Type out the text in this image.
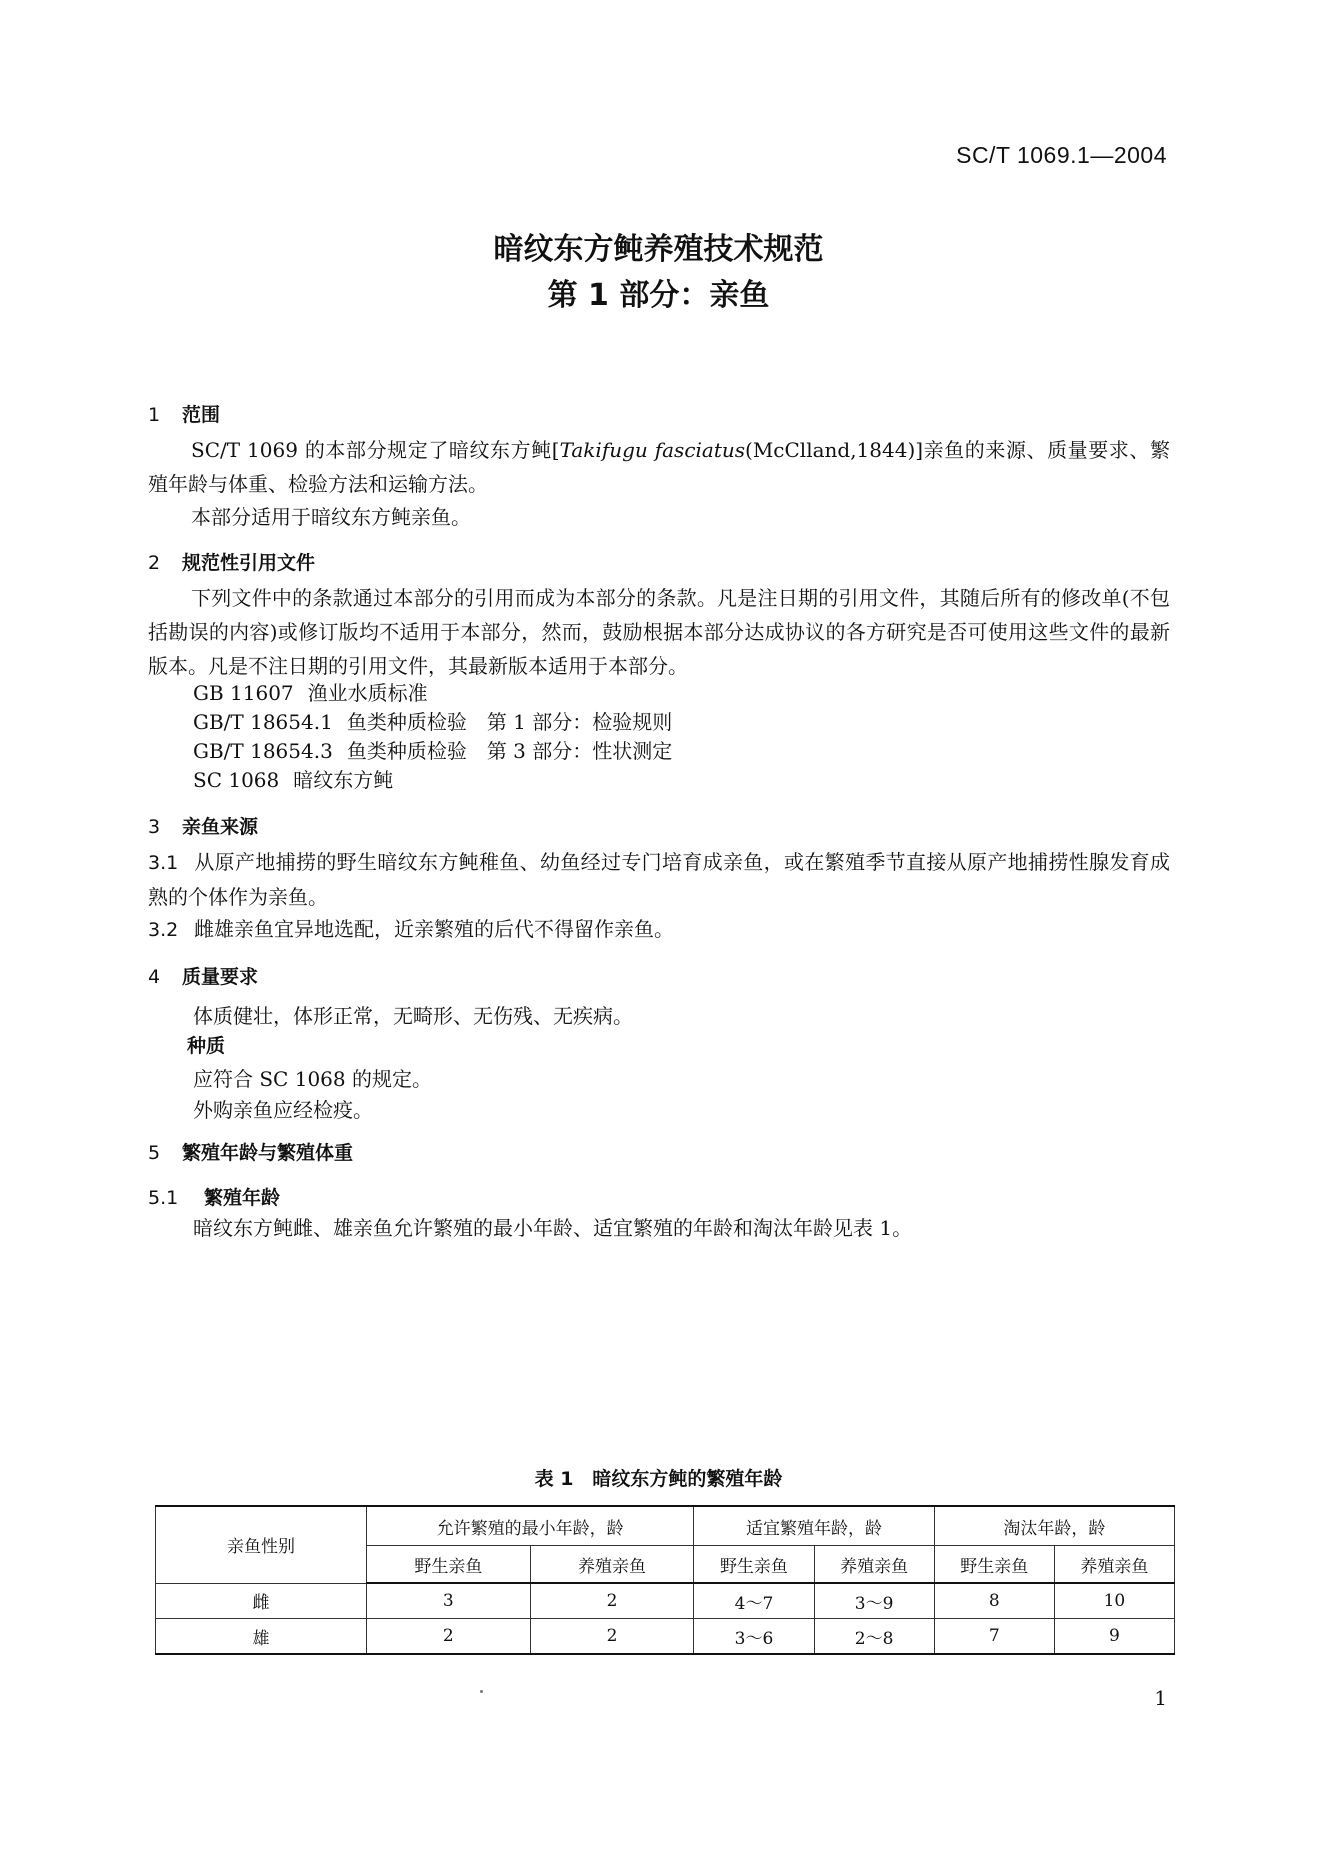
SC/T 1069.1—2004
暗纹东方鲀养殖技术规范
第 1 部分：亲鱼
1 范围
SC/T 1069 的本部分规定了暗纹东方鲀[Takifugu fasciatus(McClland,1844)]亲鱼的来源、质量要求、繁殖年龄与体重、检验方法和运输方法。
本部分适用于暗纹东方鲀亲鱼。
2 规范性引用文件
下列文件中的条款通过本部分的引用而成为本部分的条款。凡是注日期的引用文件，其随后所有的修改单(不包括勘误的内容)或修订版均不适用于本部分，然而，鼓励根据本部分达成协议的各方研究是否可使用这些文件的最新版本。凡是不注日期的引用文件，其最新版本适用于本部分。
GB 11607 渔业水质标准
GB/T 18654.1 鱼类种质检验　第 1 部分：检验规则
GB/T 18654.3 鱼类种质检验　第 3 部分：性状测定
SC 1068 暗纹东方鲀
3 亲鱼来源
3.1 从原产地捕捞的野生暗纹东方鲀稚鱼、幼鱼经过专门培育成亲鱼，或在繁殖季节直接从原产地捕捞性腺发育成熟的个体作为亲鱼。
3.2 雌雄亲鱼宜异地选配，近亲繁殖的后代不得留作亲鱼。
4 质量要求
体质健壮，体形正常，无畸形、无伤残、无疾病。
种质
应符合 SC 1068 的规定。
外购亲鱼应经检疫。
5 繁殖年龄与繁殖体重
5.1 繁殖年龄
暗纹东方鲀雌、雄亲鱼允许繁殖的最小年龄、适宜繁殖的年龄和淘汰年龄见表 1。
表 1　暗纹东方鲀的繁殖年龄
亲鱼性别	允许繁殖的最小年龄，龄		适宜繁殖年龄，龄		淘汰年龄，龄	
	野生亲鱼	养殖亲鱼	野生亲鱼	养殖亲鱼	野生亲鱼	养殖亲鱼
雌	3	2	4～7	3～9	8	10
雄	2	2	3～6	2～8	7	9
1
